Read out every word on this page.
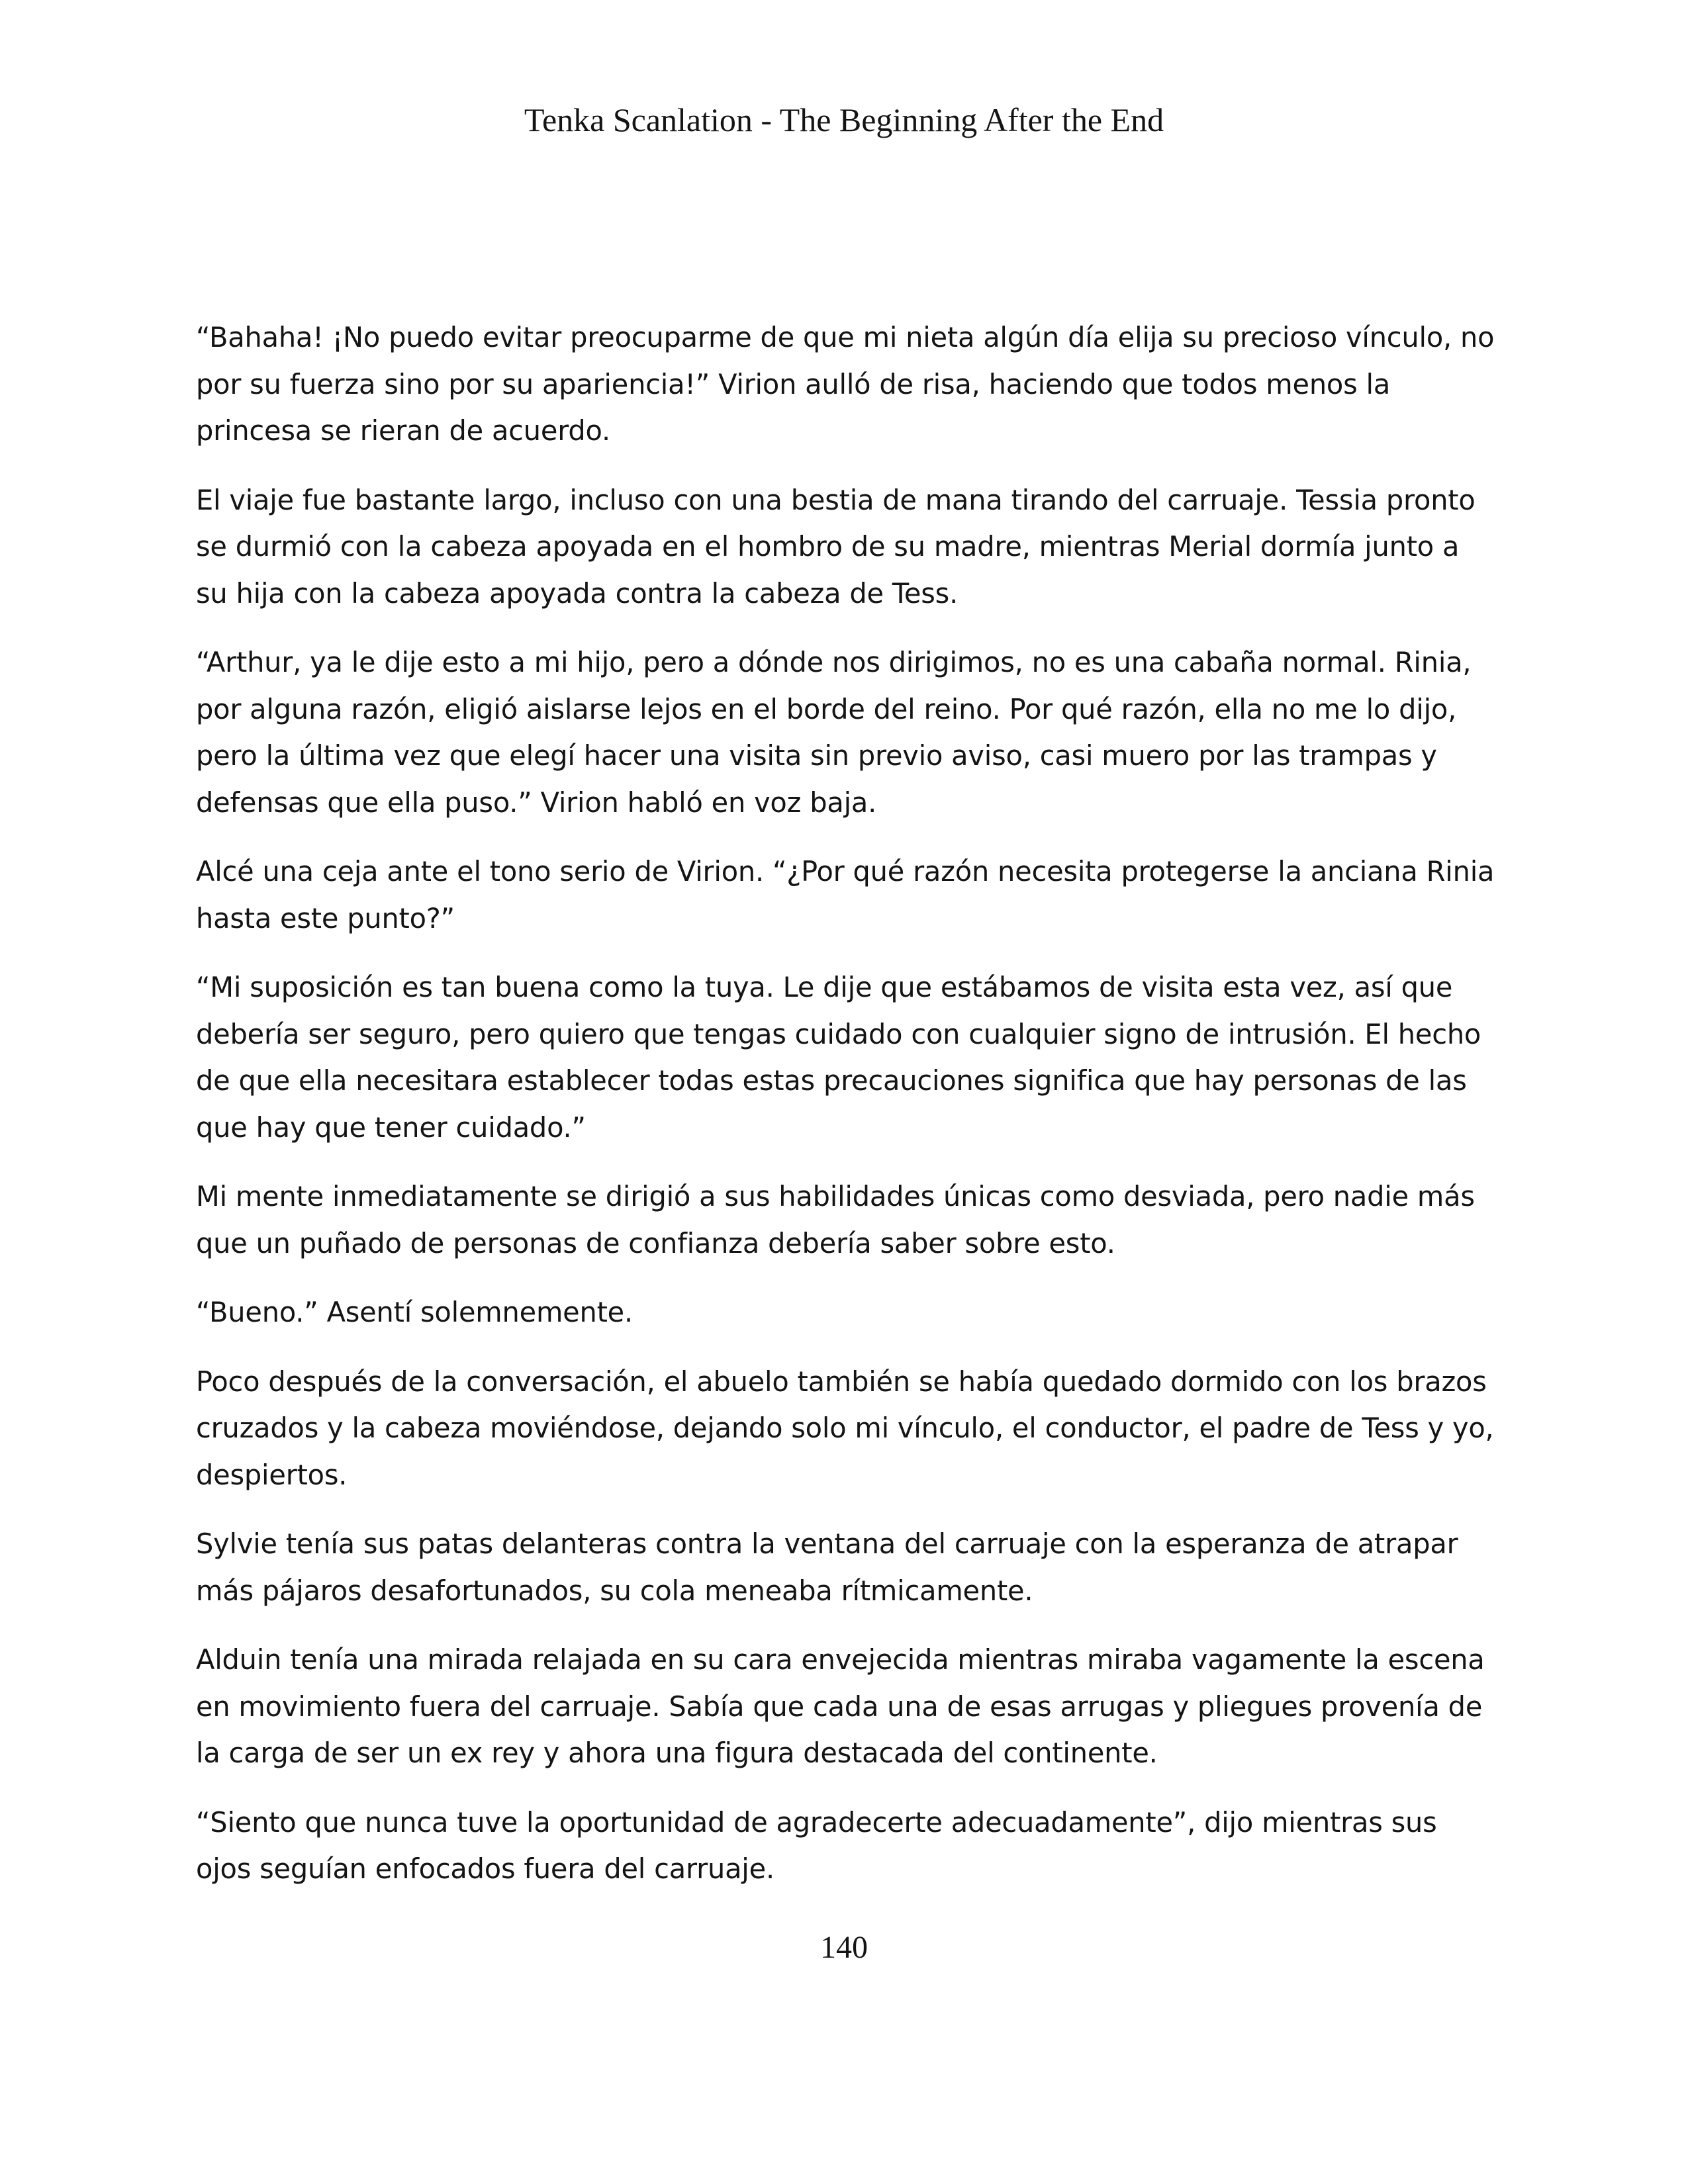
Tenka Scanlation - The Beginning After the End

“Bahaha! ¡No puedo evitar preocuparme de que mi nieta algún día elija su precioso vínculo, no por su fuerza sino por su apariencia!” Virion aulló de risa, haciendo que todos menos la princesa se rieran de acuerdo.

El viaje fue bastante largo, incluso con una bestia de mana tirando del carruaje. Tessia pronto se durmió con la cabeza apoyada en el hombro de su madre, mientras Merial dormía junto a su hija con la cabeza apoyada contra la cabeza de Tess.

“Arthur, ya le dije esto a mi hijo, pero a dónde nos dirigimos, no es una cabaña normal. Rinia, por alguna razón, eligió aislarse lejos en el borde del reino. Por qué razón, ella no me lo dijo, pero la última vez que elegí hacer una visita sin previo aviso, casi muero por las trampas y defensas que ella puso.” Virion habló en voz baja.

Alcé una ceja ante el tono serio de Virion. “¿Por qué razón necesita protegerse la anciana Rinia hasta este punto?”

“Mi suposición es tan buena como la tuya. Le dije que estábamos de visita esta vez, así que debería ser seguro, pero quiero que tengas cuidado con cualquier signo de intrusión. El hecho de que ella necesitara establecer todas estas precauciones significa que hay personas de las que hay que tener cuidado.”

Mi mente inmediatamente se dirigió a sus habilidades únicas como desviada, pero nadie más que un puñado de personas de confianza debería saber sobre esto.

“Bueno.” Asentí solemnemente.

Poco después de la conversación, el abuelo también se había quedado dormido con los brazos cruzados y la cabeza moviéndose, dejando solo mi vínculo, el conductor, el padre de Tess y yo, despiertos.

Sylvie tenía sus patas delanteras contra la ventana del carruaje con la esperanza de atrapar más pájaros desafortunados, su cola meneaba rítmicamente.

Alduin tenía una mirada relajada en su cara envejecida mientras miraba vagamente la escena en movimiento fuera del carruaje. Sabía que cada una de esas arrugas y pliegues provenía de la carga de ser un ex rey y ahora una figura destacada del continente.

“Siento que nunca tuve la oportunidad de agradecerte adecuadamente”, dijo mientras sus ojos seguían enfocados fuera del carruaje.

140
